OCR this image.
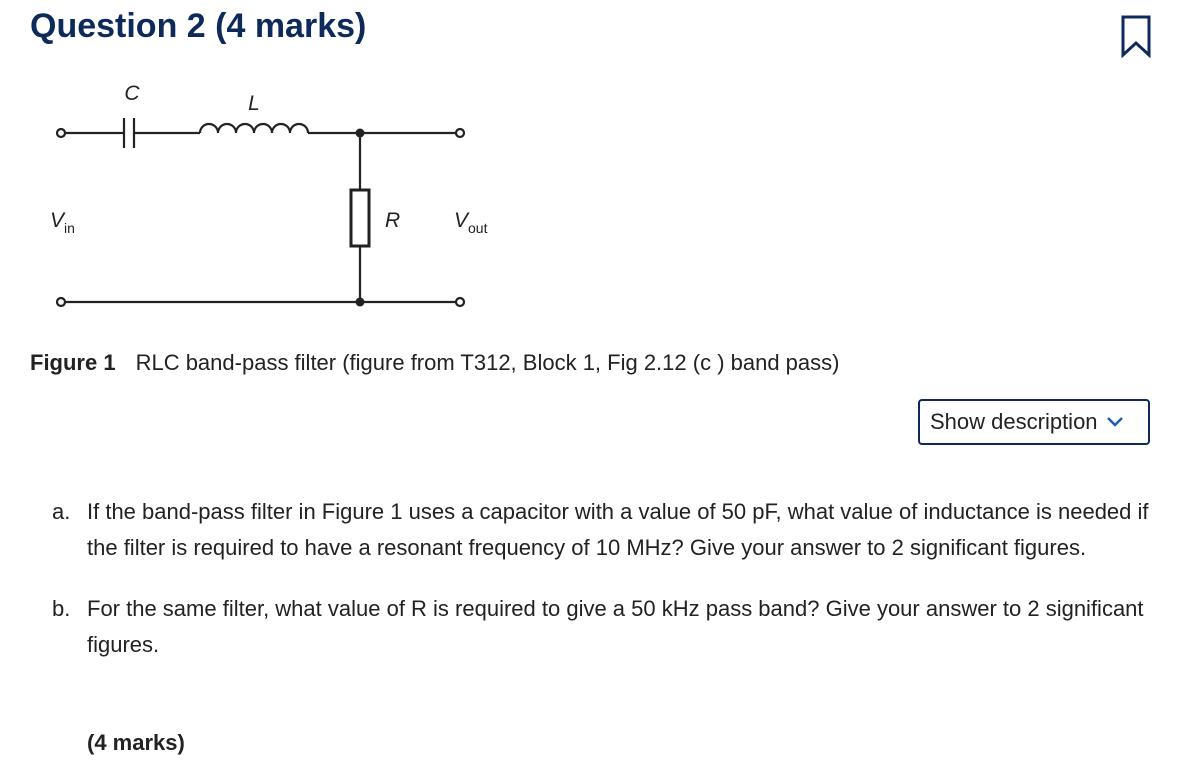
Question 2 (4 marks)
C	L
R
$V_{in}$	$V_{out}$
Figure 1 RLC band-pass filter (figure from T312, Block 1, Fig 2.12 (c ) band pass)
Show description
a. If the band-pass filter in Figure 1 uses a capacitor with a value of 50 pF, what value of inductance is needed if the filter is required to have a resonant frequency of 10 MHz? Give your answer to 2 significant figures.
b. For the same filter, what value of R is required to give a 50 kHz pass band? Give your answer to 2 significant figures.
(4 marks)
